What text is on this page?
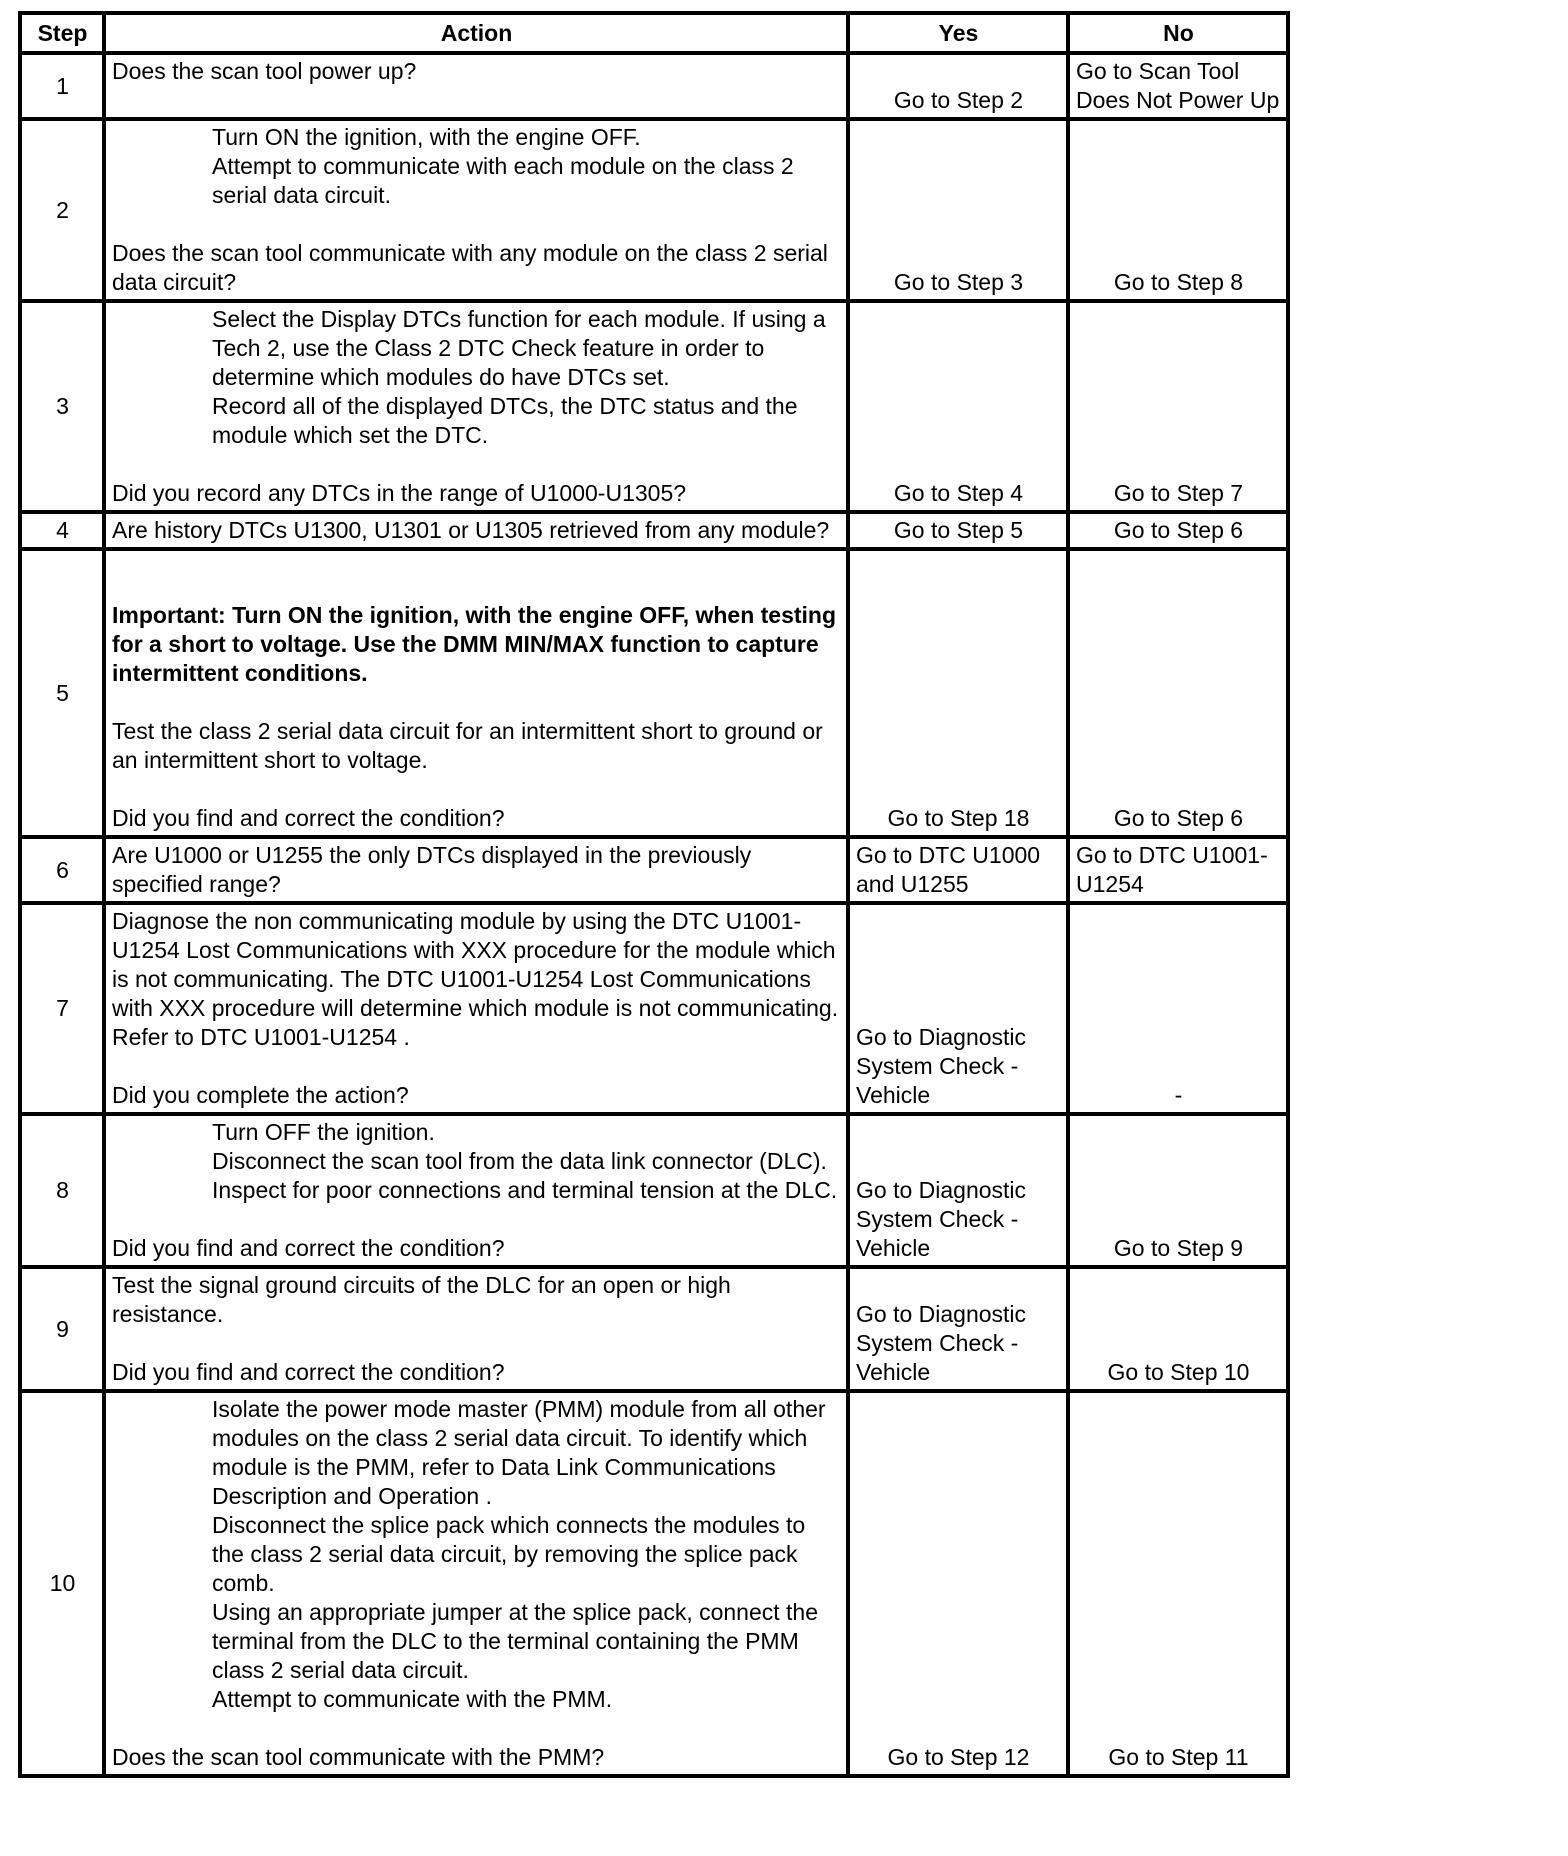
Step	Action	Yes	No
1	Does the scan tool power up?	Go to Step 2	Go to Scan Tool Does Not Power Up
2	Turn ON the ignition, with the engine OFF.
Attempt to communicate with each module on the class 2 serial data circuit.
Does the scan tool communicate with any module on the class 2 serial data circuit?	Go to Step 3	Go to Step 8
3	Select the Display DTCs function for each module. If using a Tech 2, use the Class 2 DTC Check feature in order to determine which modules do have DTCs set.
Record all of the displayed DTCs, the DTC status and the module which set the DTC.
Did you record any DTCs in the range of U1000-U1305?	Go to Step 4	Go to Step 7
4	Are history DTCs U1300, U1301 or U1305 retrieved from any module?	Go to Step 5	Go to Step 6
5	Important: Turn ON the ignition, with the engine OFF, when testing for a short to voltage. Use the DMM MIN/MAX function to capture intermittent conditions.
Test the class 2 serial data circuit for an intermittent short to ground or an intermittent short to voltage.
Did you find and correct the condition?	Go to Step 18	Go to Step 6
6	Are U1000 or U1255 the only DTCs displayed in the previously specified range?	Go to DTC U1000 and U1255	Go to DTC U1001-U1254
7	Diagnose the non communicating module by using the DTC U1001-U1254 Lost Communications with XXX procedure for the module which is not communicating. The DTC U1001-U1254 Lost Communications with XXX procedure will determine which module is not communicating. Refer to DTC U1001-U1254 .
Did you complete the action?	Go to Diagnostic System Check - Vehicle	-
8	Turn OFF the ignition.
Disconnect the scan tool from the data link connector (DLC).
Inspect for poor connections and terminal tension at the DLC.
Did you find and correct the condition?	Go to Diagnostic System Check - Vehicle	Go to Step 9
9	Test the signal ground circuits of the DLC for an open or high resistance.
Did you find and correct the condition?	Go to Diagnostic System Check - Vehicle	Go to Step 10
10	Isolate the power mode master (PMM) module from all other modules on the class 2 serial data circuit. To identify which module is the PMM, refer to Data Link Communications Description and Operation .
Disconnect the splice pack which connects the modules to the class 2 serial data circuit, by removing the splice pack comb.
Using an appropriate jumper at the splice pack, connect the terminal from the DLC to the terminal containing the PMM class 2 serial data circuit.
Attempt to communicate with the PMM.
Does the scan tool communicate with the PMM?	Go to Step 12	Go to Step 11
